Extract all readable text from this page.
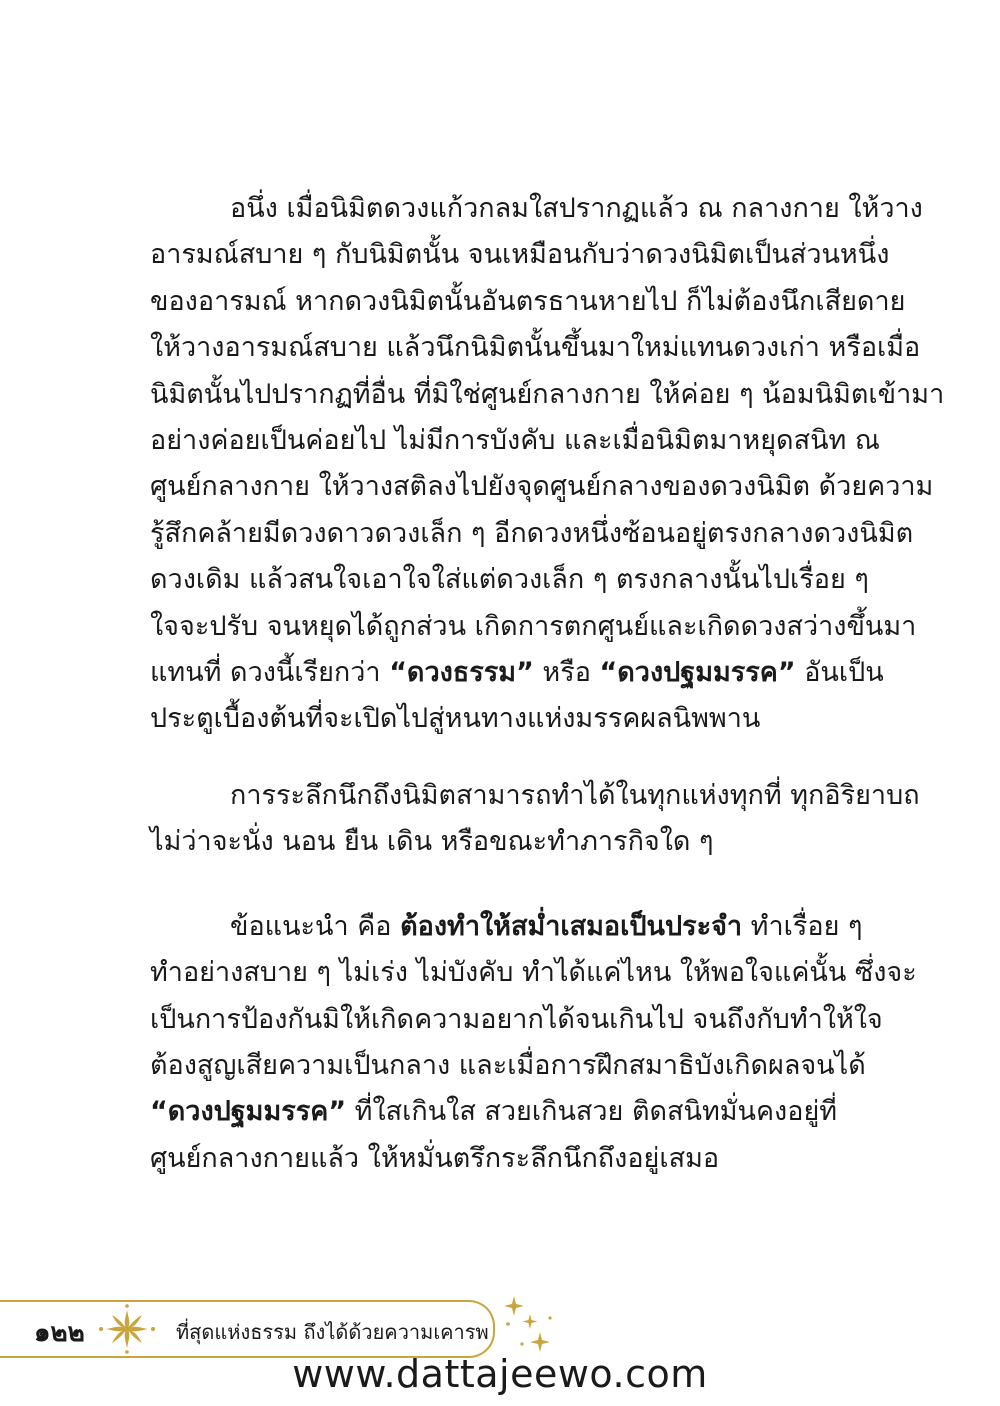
อนึ่ง เมื่อนิมิตดวงแก้วกลมใสปรากฏแล้ว ณ กลางกาย ให้วาง
อารมณ์สบาย ๆ กับนิมิตนั้น จนเหมือนกับว่าดวงนิมิตเป็นส่วนหนึ่ง
ของอารมณ์ หากดวงนิมิตนั้นอันตรธานหายไป ก็ไม่ต้องนึกเสียดาย
ให้วางอารมณ์สบาย แล้วนึกนิมิตนั้นขึ้นมาใหม่แทนดวงเก่า หรือเมื่อ
นิมิตนั้นไปปรากฏที่อื่น ที่มิใช่ศูนย์กลางกาย ให้ค่อย ๆ น้อมนิมิตเข้ามา
อย่างค่อยเป็นค่อยไป ไม่มีการบังคับ และเมื่อนิมิตมาหยุดสนิท ณ
ศูนย์กลางกาย ให้วางสติลงไปยังจุดศูนย์กลางของดวงนิมิต ด้วยความ
รู้สึกคล้ายมีดวงดาวดวงเล็ก ๆ อีกดวงหนึ่งซ้อนอยู่ตรงกลางดวงนิมิต
ดวงเดิม แล้วสนใจเอาใจใส่แต่ดวงเล็ก ๆ ตรงกลางนั้นไปเรื่อย ๆ
ใจจะปรับ จนหยุดได้ถูกส่วน เกิดการตกศูนย์และเกิดดวงสว่างขึ้นมา
แทนที่ ดวงนี้เรียกว่า “ดวงธรรม” หรือ “ดวงปฐมมรรค” อันเป็น
ประตูเบื้องต้นที่จะเปิดไปสู่หนทางแห่งมรรคผลนิพพาน
การระลึกนึกถึงนิมิตสามารถทำได้ในทุกแห่งทุกที่ ทุกอิริยาบถ
ไม่ว่าจะนั่ง นอน ยืน เดิน หรือขณะทำภารกิจใด ๆ
ข้อแนะนำ คือ ต้องทำให้สม่ำเสมอเป็นประจำ ทำเรื่อย ๆ
ทำอย่างสบาย ๆ ไม่เร่ง ไม่บังคับ ทำได้แค่ไหน ให้พอใจแค่นั้น ซึ่งจะ
เป็นการป้องกันมิให้เกิดความอยากได้จนเกินไป จนถึงกับทำให้ใจ
ต้องสูญเสียความเป็นกลาง และเมื่อการฝึกสมาธิบังเกิดผลจนได้
“ดวงปฐมมรรค” ที่ใสเกินใส สวยเกินสวย ติดสนิทมั่นคงอยู่ที่
ศูนย์กลางกายแล้ว ให้หมั่นตรึกระลึกนึกถึงอยู่เสมอ
๑๒๒	ที่สุดแห่งธรรม ถึงได้ด้วยความเคารพ
www.dattajeewo.com
